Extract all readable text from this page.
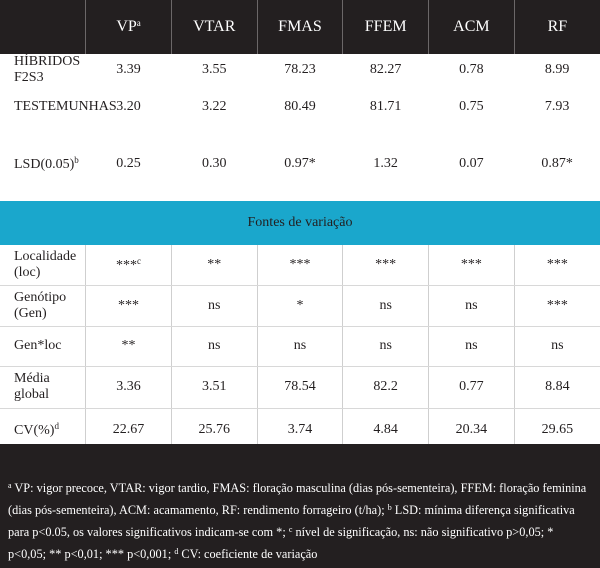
	$VP^a$	VTAR	FMAS	FFEM	ACM	RF
HÍBRIDOS F2S3	3.39	3.55	78.23	82.27	0.78	8.99
TESTEMUNHAS	3.20	3.22	80.49	81.71	0.75	7.93
$LSD(0.05)^b$	0.25	0.30	0.97*	1.32	0.07	0.87*
Fontes de variação						
Localidade (loc)	***$^c$	**	***	***	***	***
Genótipo (Gen)	***	ns	*	ns	ns	***
Gen*loc	**	ns	ns	ns	ns	ns
Média global	3.36	3.51	78.54	82.2	0.77	8.84
CV(%)$^d$	22.67	25.76	3.74	4.84	20.34	29.65
$^a$ VP: vigor precoce, VTAR: vigor tardio, FMAS: floração masculina (dias pós-sementeira), FFEM: floração feminina (dias pós-sementeira), ACM: acamamento, RF: rendimento forrageiro (t/ha); $^b$ LSD: mínima diferença significativa para p<0.05, os valores significativos indicam-se com *; $^c$ nível de significação, ns: não significativo p>0,05; * p<0,05; ** p<0,01; *** p<0,001; $^d$ CV: coeficiente de variação
